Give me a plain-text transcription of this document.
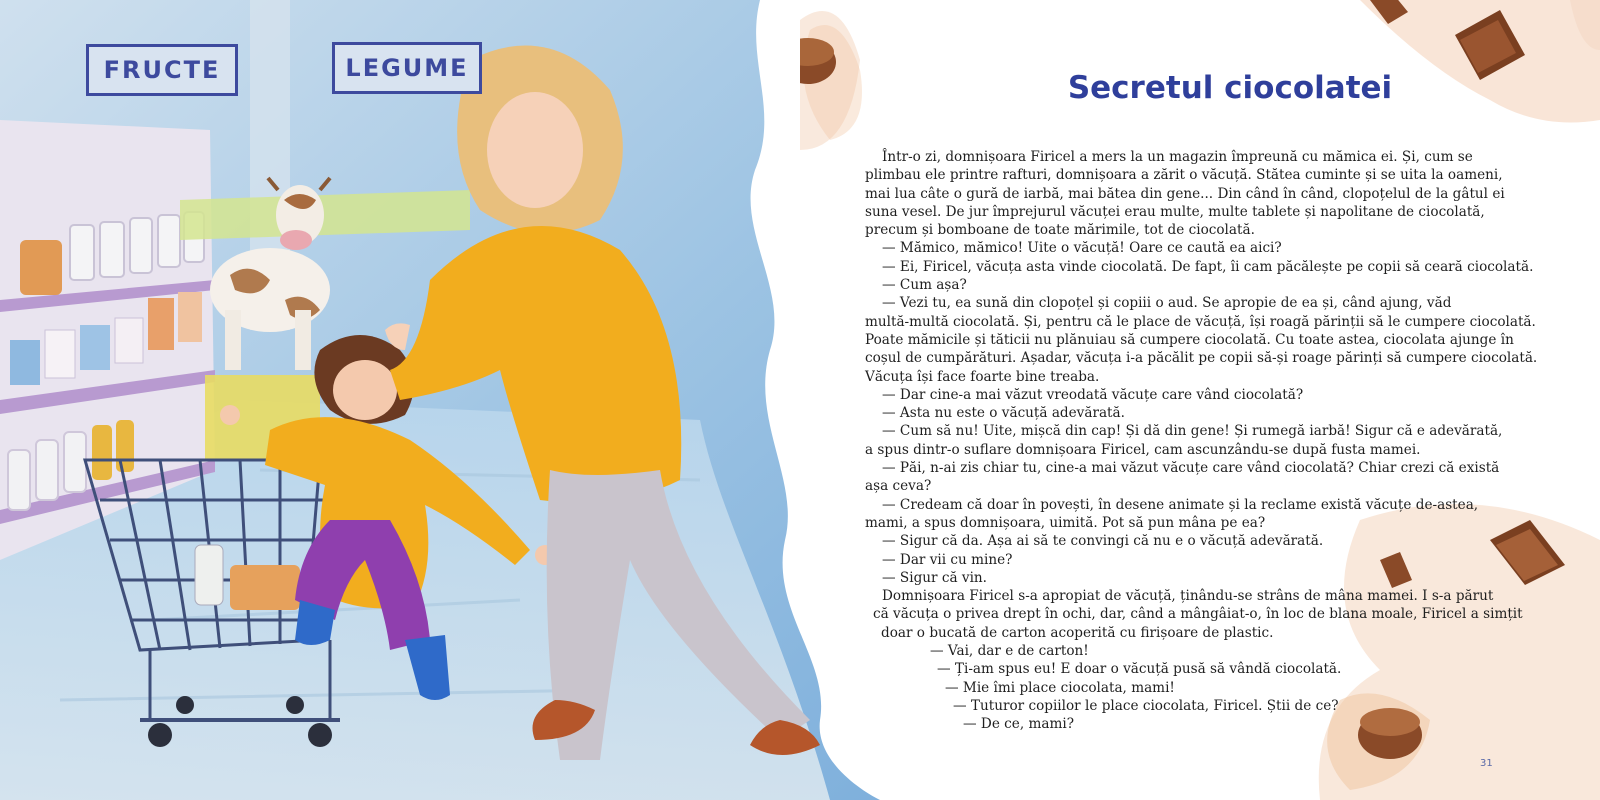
FRUCTE	LEGUME
Secretul ciocolatei

Într-o zi, domnișoara Firicel a mers la un magazin împreună cu mămica ei. Și, cum se

plimbau ele printre rafturi, domnișoara a zărit o văcuță. Stătea cuminte și se uita la oameni,

mai lua câte o gură de iarbă, mai bătea din gene... Din când în când, clopoțelul de la gâtul ei

suna vesel. De jur împrejurul văcuței erau multe, multe tablete și napolitane de ciocolată,

precum și bomboane de toate mărimile, tot de ciocolată.

— Mămico, mămico! Uite o văcuță! Oare ce caută ea aici?

— Ei, Firicel, văcuța asta vinde ciocolată. De fapt, îi cam păcălește pe copii să ceară ciocolată.

— Cum așa?

— Vezi tu, ea sună din clopoțel și copiii o aud. Se apropie de ea și, când ajung, văd

multă-multă ciocolată. Și, pentru că le place de văcuță, își roagă părinții să le cumpere ciocolată.

Poate mămicile și tăticii nu plănuiau să cumpere ciocolată. Cu toate astea, ciocolata ajunge în

coșul de cumpărături. Așadar, văcuța i-a păcălit pe copii să-și roage părinți să cumpere ciocolată.

Văcuța își face foarte bine treaba.

— Dar cine-a mai văzut vreodată văcuțe care vând ciocolată?

— Asta nu este o văcuță adevărată.

— Cum să nu! Uite, mișcă din cap! Și dă din gene! Și rumegă iarbă! Sigur că e adevărată,

a spus dintr-o suflare domnișoara Firicel, cam ascunzându-se după fusta mamei.

— Păi, n-ai zis chiar tu, cine-a mai văzut văcuțe care vând ciocolată? Chiar crezi că există

așa ceva?

— Credeam că doar în povești, în desene animate și la reclame există văcuțe de-astea,

mami, a spus domnișoara, uimită. Pot să pun mâna pe ea?

— Sigur că da. Așa ai să te convingi că nu e o văcuță adevărată.

— Dar vii cu mine?

— Sigur că vin.

Domnișoara Firicel s-a apropiat de văcuță, ținându-se strâns de mâna mamei. I s-a părut

că văcuța o privea drept în ochi, dar, când a mângâiat-o, în loc de blana moale, Firicel a simțit

doar o bucată de carton acoperită cu firișoare de plastic.

— Vai, dar e de carton!

— Ți-am spus eu! E doar o văcuță pusă să vândă ciocolată.

— Mie îmi place ciocolata, mami!

— Tuturor copiilor le place ciocolata, Firicel. Știi de ce?

— De ce, mami?

31
